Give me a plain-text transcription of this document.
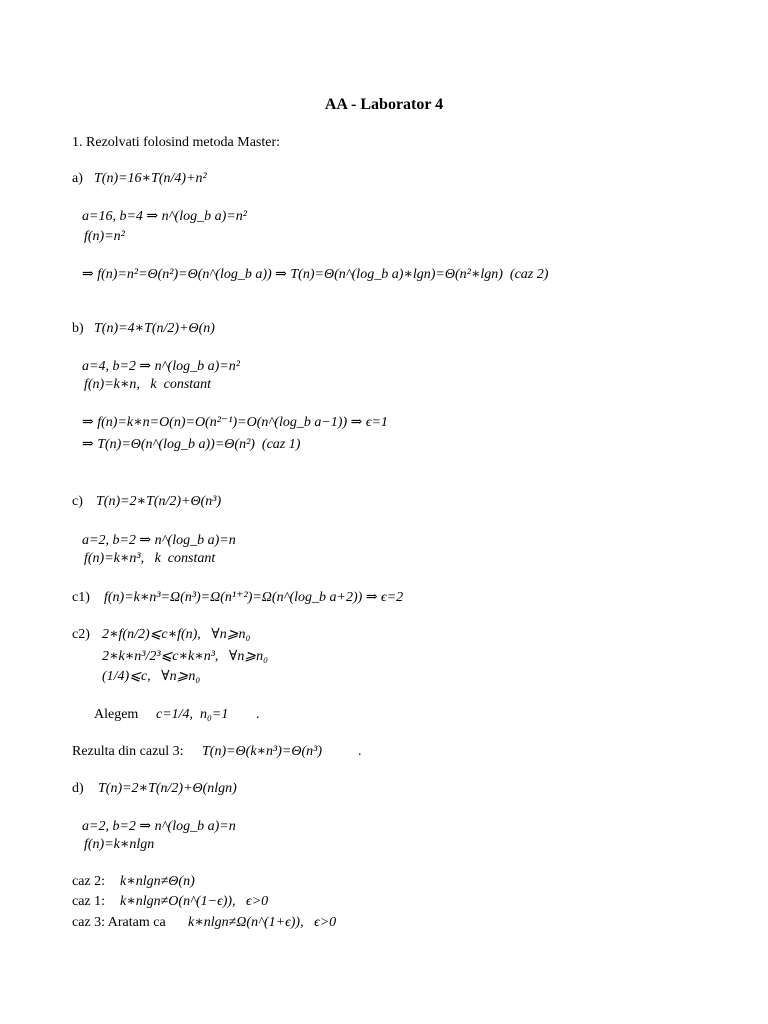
AA - Laborator 4
1. Rezolvati folosind metoda Master:
a) T(n)=16∗T(n/4)+n²
a=16, b=4 ⇒ n^(log_b a)=n²
f(n)=n²
⇒ f(n)=n²=Θ(n²)=Θ(n^(log_b a)) ⇒ T(n)=Θ(n^(log_b a)∗lgn)=Θ(n²∗lgn)  (caz 2)
b) T(n)=4∗T(n/2)+Θ(n)
a=4, b=2 ⇒ n^(log_b a)=n²
f(n)=k∗n,   k  constant
⇒ f(n)=k∗n=O(n)=O(n²⁻¹)=O(n^(log_b a−1)) ⇒ ϵ=1
⇒ T(n)=Θ(n^(log_b a))=Θ(n²)  (caz 1)
c) T(n)=2∗T(n/2)+Θ(n³)
a=2, b=2 ⇒ n^(log_b a)=n
f(n)=k∗n³,   k  constant
c1) f(n)=k∗n³=Ω(n³)=Ω(n¹⁺²)=Ω(n^(log_b a+2)) ⇒ ϵ=2
c2) 2∗f(n/2)⩽c∗f(n),   ∀n⩾n₀
2∗k∗n³/2³⩽c∗k∗n³,   ∀n⩾n₀
(1/4)⩽c,   ∀n⩾n₀
Alegem c=1/4,  n₀=1 .
Rezulta din cazul 3: T(n)=Θ(k∗n³)=Θ(n³)	.
d) T(n)=2∗T(n/2)+Θ(nlgn)
a=2, b=2 ⇒ n^(log_b a)=n
f(n)=k∗nlgn
caz 2: k∗nlgn≠Θ(n)
caz 1: k∗nlgn≠O(n^(1−ϵ)),   ϵ>0
caz 3: Aratam ca k∗nlgn≠Ω(n^(1+ϵ)),   ϵ>0
